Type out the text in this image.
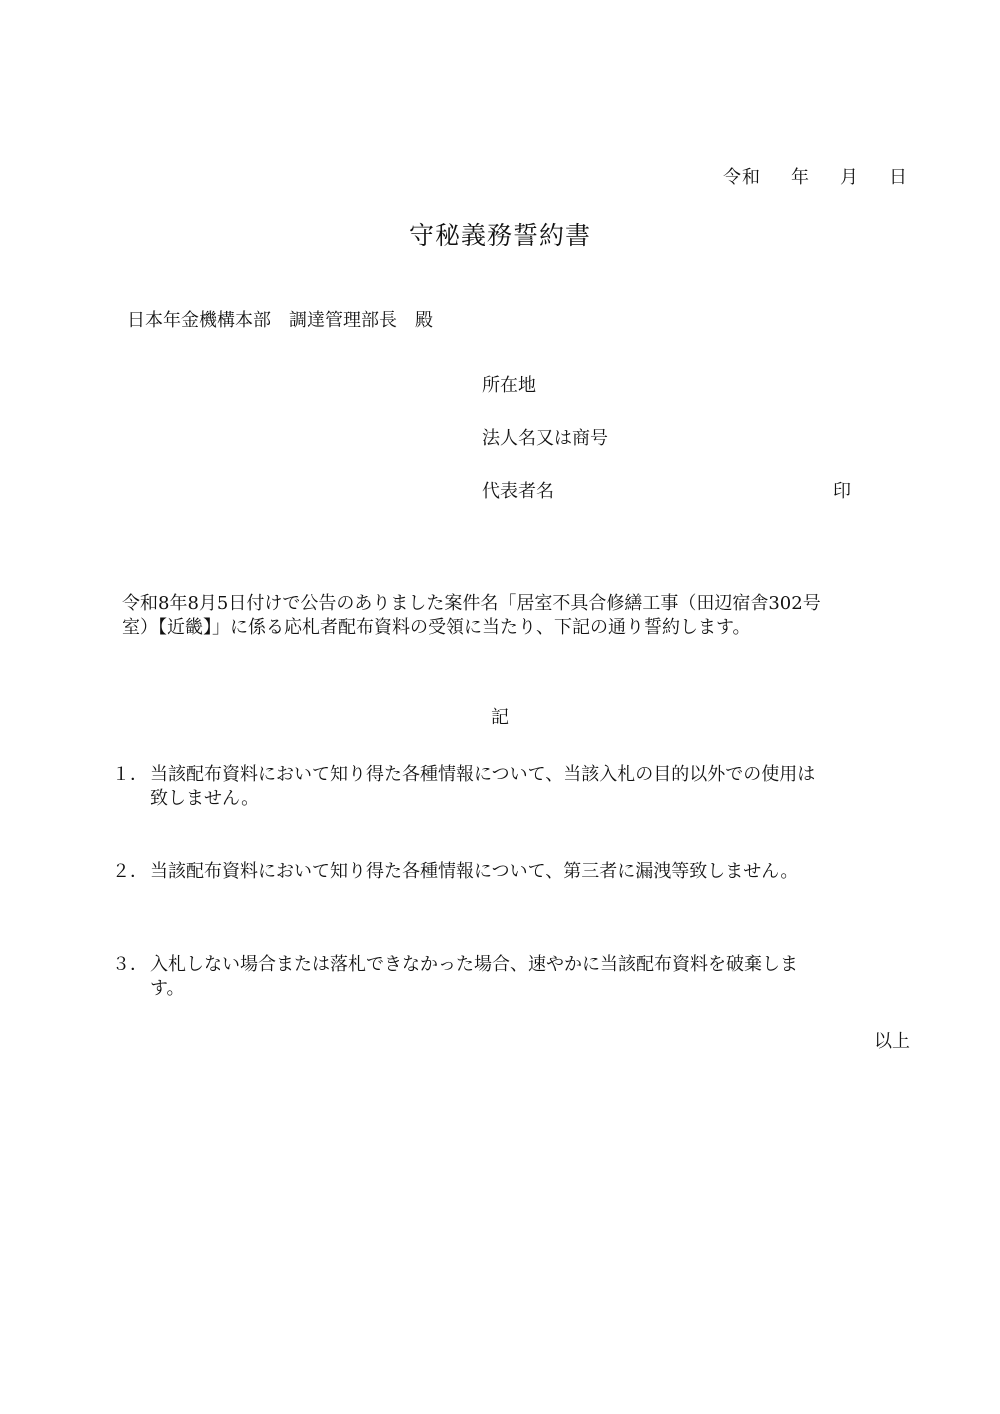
令和 年 月 日

守秘義務誓約書
日本年金機構本部　調達管理部長　殿
所在地
法人名又は商号
代表者名	印
令和8年8月5日付けで公告のありました案件名「居室不具合修繕工事（田辺宿舎302号
室）【近畿】」に係る応札者配布資料の受領に当たり、下記の通り誓約します。
記
１． 当該配布資料において知り得た各種情報について、当該入札の目的以外での使用は
致しません。
２． 当該配布資料において知り得た各種情報について、第三者に漏洩等致しません。
３． 入札しない場合または落札できなかった場合、速やかに当該配布資料を破棄しま
す。
以上
